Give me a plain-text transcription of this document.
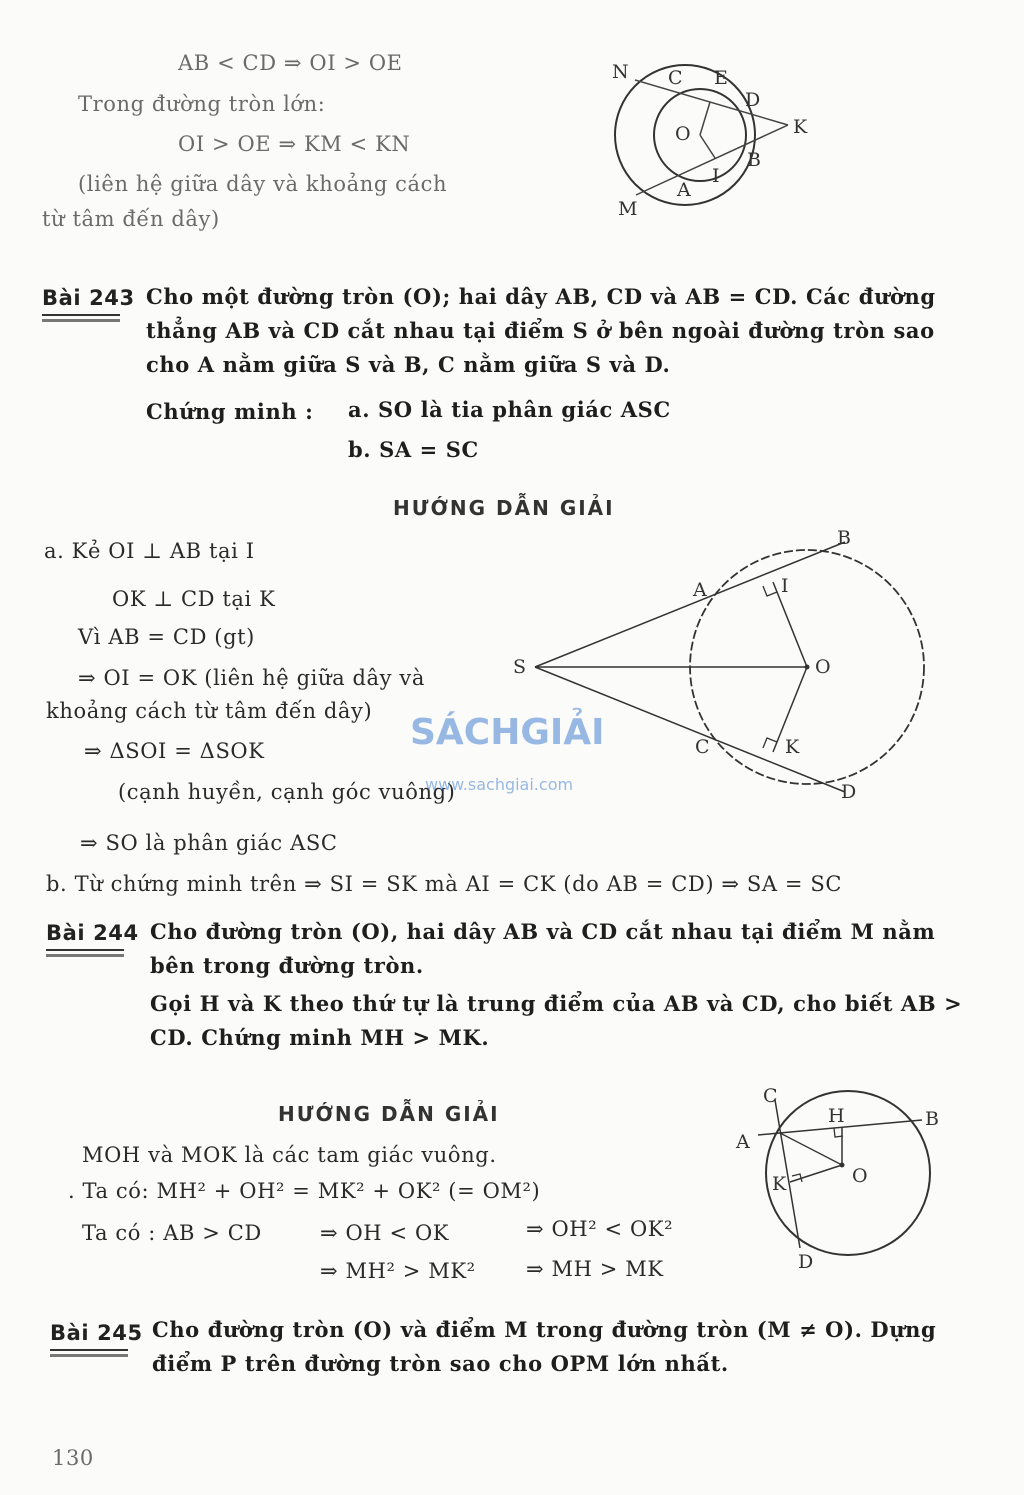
AB < CD ⇒ OI > OE
Trong đường tròn lớn:
OI > OE ⇒ KM < KN
(liên hệ giữa dây và khoảng cách
từ tâm đến dây)
N C E
D
K
O
B
I
A
M
Bài 243 Cho một đường tròn (O); hai dây AB, CD và AB = CD. Các đường
thẳng AB và CD cắt nhau tại điểm S ở bên ngoài đường tròn sao
cho A nằm giữa S và B, C nằm giữa S và D.
Chứng minh : a. SO là tia phân giác ASC
b. SA = SC
HƯỚNG DẪN GIẢI
a. Kẻ OI ⊥ AB tại I
OK ⊥ CD tại K
Vì AB = CD (gt)
⇒ OI = OK (liên hệ giữa dây và
khoảng cách từ tâm đến dây)
⇒ ΔSOI = ΔSOK
(cạnh huyền, cạnh góc vuông)
⇒ SO là phân giác ASC
b. Từ chứng minh trên ⇒ SI = SK mà AI = CK (do AB = CD) ⇒ SA = SC
S
A
B
I
O
C	K
D
SÁCHGIẢI
www.sachgiai.com
Bài 244 Cho đường tròn (O), hai dây AB và CD cắt nhau tại điểm M nằm
bên trong đường tròn.
Gọi H và K theo thứ tự là trung điểm của AB và CD, cho biết AB >
CD. Chứng minh MH > MK.
HƯỚNG DẪN GIẢI
MOH và MOK là các tam giác vuông.
. Ta có: MH² + OH² = MK² + OK² (= OM²)
Ta có : AB > CD	⇒ OH < OK	⇒ OH² < OK²
⇒ MH² > MK² ⇒ MH > MK
C
H	B
A
K	O
D
Bài 245 Cho đường tròn (O) và điểm M trong đường tròn (M ≠ O). Dựng
điểm P trên đường tròn sao cho OPM lớn nhất.
130
